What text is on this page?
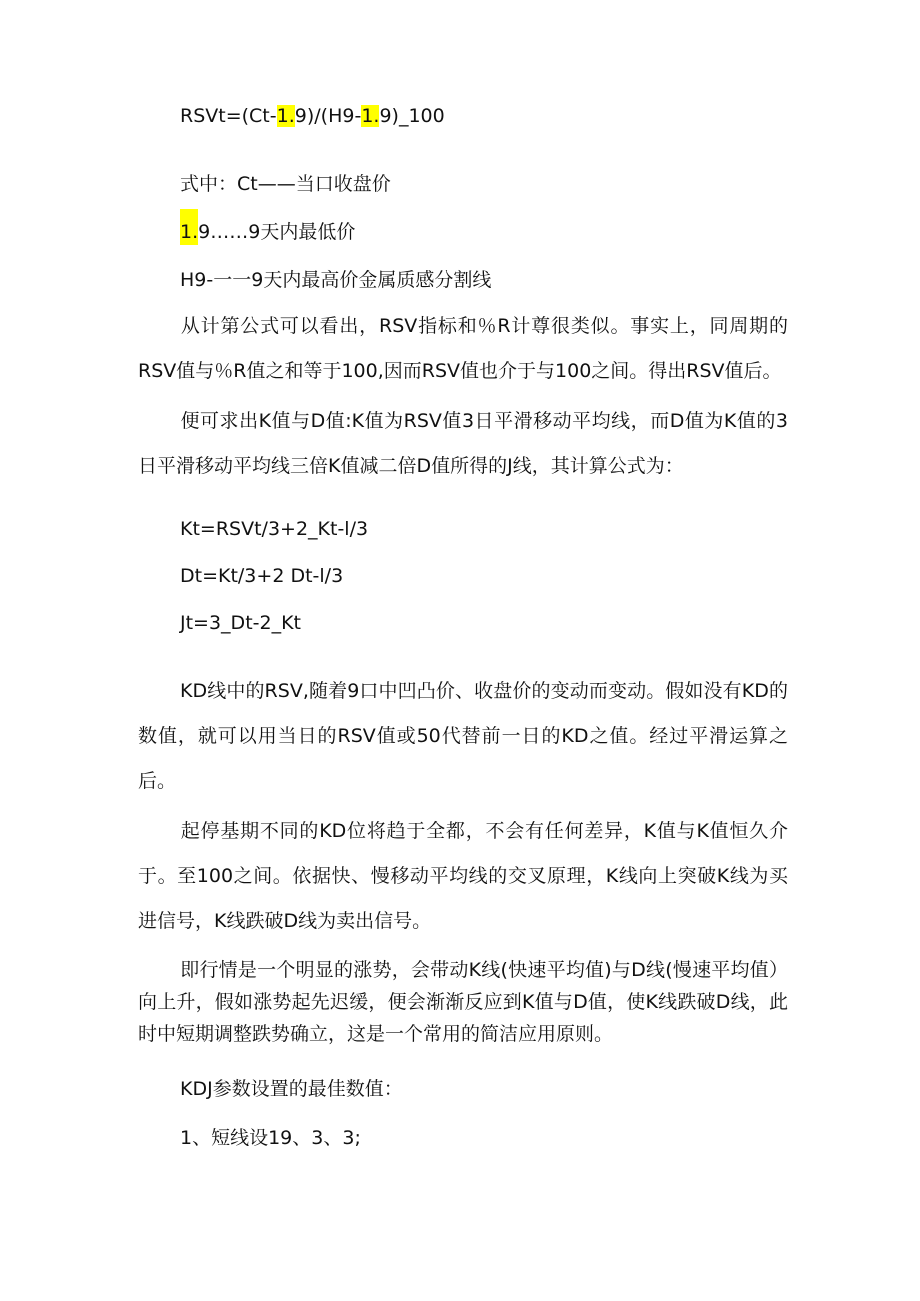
RSVt=(Ct-1.9)/(H9-1.9)_100
式中：Ct——当口收盘价
1.9……9天内最低价
H9-一一9天内最高价金属质感分割线
从计第公式可以看出，RSV指标和％R计尊很类似。事实上，同周期的RSV值与％R值之和等于100,因而RSV值也介于与100之间。得出RSV值后。
便可求出K值与D值:K值为RSV值3日平滑移动平均线，而D值为K值的3日平滑移动平均线三倍K值减二倍D值所得的J线，其计算公式为：
Kt=RSVt/3+2_Kt-l/3
Dt=Kt∕3+2 Dt-l∕3
Jt=3_Dt-2_Kt
KD线中的RSV,随着9口中凹凸价、收盘价的变动而变动。假如没有KD的数值，就可以用当日的RSV值或50代替前一日的KD之值。经过平滑运算之后。
起停基期不同的KD位将趋于全都，不会有任何差异，K值与K值恒久介于。至100之间。依据快、慢移动平均线的交叉原理，K线向上突破K线为买进信号，K线跌破D线为卖出信号。
即行情是一个明显的涨势，会带动K线(快速平均值)与D线(慢速平均值）向上升，假如涨势起先迟缓，便会渐渐反应到K值与D值，使K线跌破D线，此时中短期调整跌势确立，这是一个常用的简洁应用原则。
KDJ参数设置的最佳数值：
1、短线设19、3、3;
